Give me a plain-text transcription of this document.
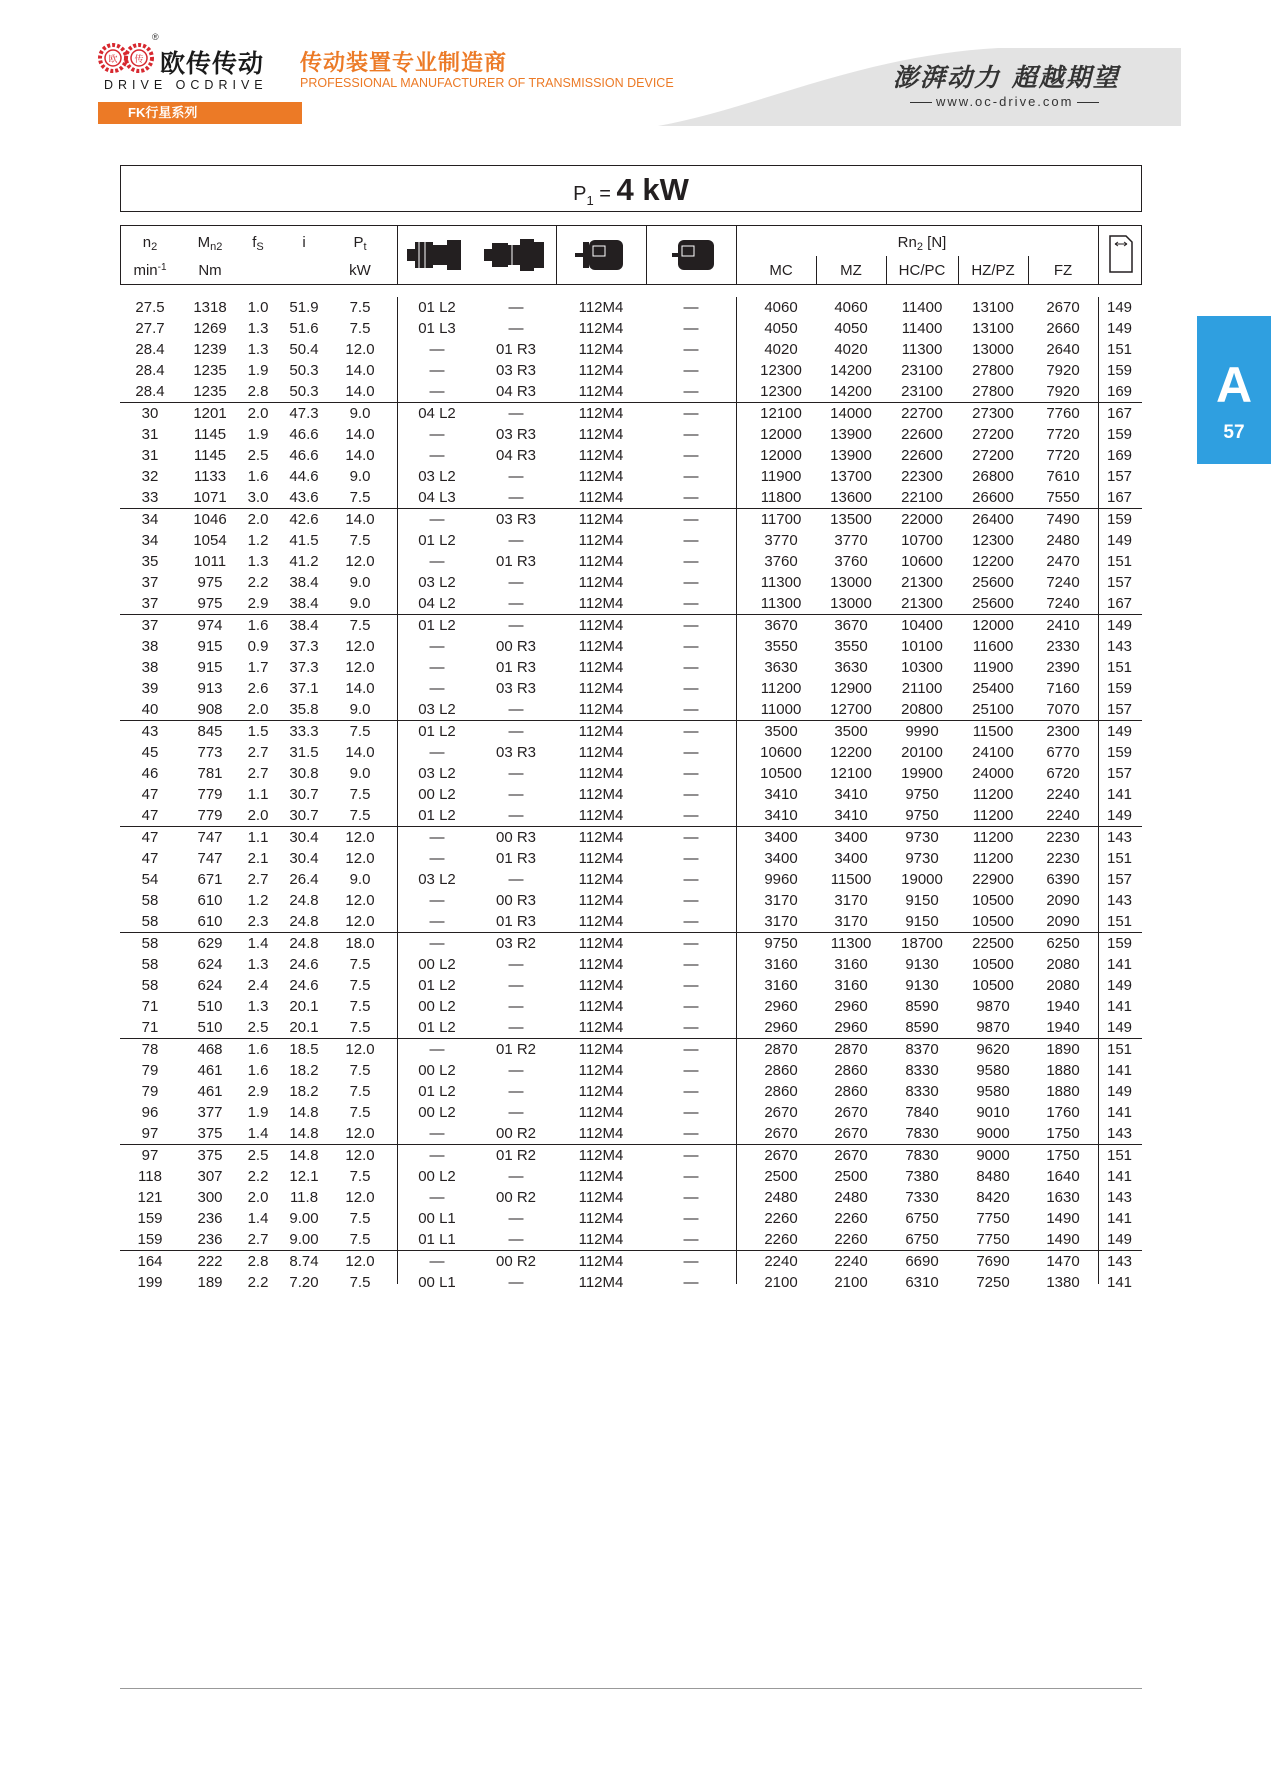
欧 传
®
欧传传动
DRIVE OCDRIVE
传动装置专业制造商
PROFESSIONAL MANUFACTURER OF TRANSMISSION DEVICE	澎湃动力 超越期望
www.oc-drive.com
FK行星系列
A
57
$P_1 = 4$ kW
$n_2$
$\min^{-1}$
$M_{n2}$
Nm
$f_S$	i	$P_t$
kW
$Rn_2$ [N]
MC	MZ	HC/PC	HZ/PZ	FZ
27.5	1318	1.0	51.9	7.5	01 L2	—	112M4	—	4060	4060	11400	13100	2670	149
27.7	1269	1.3	51.6	7.5	01 L3	—	112M4	—	4050	4050	11400	13100	2660	149
28.4	1239	1.3	50.4	12.0	—	01 R3	112M4	—	4020	4020	11300	13000	2640	151
28.4	1235	1.9	50.3	14.0	—	03 R3	112M4	—	12300	14200	23100	27800	7920	159
28.4	1235	2.8	50.3	14.0	—	04 R3	112M4	—	12300	14200	23100	27800	7920	169
30	1201	2.0	47.3	9.0	04 L2	—	112M4	—	12100	14000	22700	27300	7760	167
31	1145	1.9	46.6	14.0	—	03 R3	112M4	—	12000	13900	22600	27200	7720	159
31	1145	2.5	46.6	14.0	—	04 R3	112M4	—	12000	13900	22600	27200	7720	169
32	1133	1.6	44.6	9.0	03 L2	—	112M4	—	11900	13700	22300	26800	7610	157
33	1071	3.0	43.6	7.5	04 L3	—	112M4	—	11800	13600	22100	26600	7550	167
34	1046	2.0	42.6	14.0	—	03 R3	112M4	—	11700	13500	22000	26400	7490	159
34	1054	1.2	41.5	7.5	01 L2	—	112M4	—	3770	3770	10700	12300	2480	149
35	1011	1.3	41.2	12.0	—	01 R3	112M4	—	3760	3760	10600	12200	2470	151
37	975	2.2	38.4	9.0	03 L2	—	112M4	—	11300	13000	21300	25600	7240	157
37	975	2.9	38.4	9.0	04 L2	—	112M4	—	11300	13000	21300	25600	7240	167
37	974	1.6	38.4	7.5	01 L2	—	112M4	—	3670	3670	10400	12000	2410	149
38	915	0.9	37.3	12.0	—	00 R3	112M4	—	3550	3550	10100	11600	2330	143
38	915	1.7	37.3	12.0	—	01 R3	112M4	—	3630	3630	10300	11900	2390	151
39	913	2.6	37.1	14.0	—	03 R3	112M4	—	11200	12900	21100	25400	7160	159
40	908	2.0	35.8	9.0	03 L2	—	112M4	—	11000	12700	20800	25100	7070	157
43	845	1.5	33.3	7.5	01 L2	—	112M4	—	3500	3500	9990	11500	2300	149
45	773	2.7	31.5	14.0	—	03 R3	112M4	—	10600	12200	20100	24100	6770	159
46	781	2.7	30.8	9.0	03 L2	—	112M4	—	10500	12100	19900	24000	6720	157
47	779	1.1	30.7	7.5	00 L2	—	112M4	—	3410	3410	9750	11200	2240	141
47	779	2.0	30.7	7.5	01 L2	—	112M4	—	3410	3410	9750	11200	2240	149
47	747	1.1	30.4	12.0	—	00 R3	112M4	—	3400	3400	9730	11200	2230	143
47	747	2.1	30.4	12.0	—	01 R3	112M4	—	3400	3400	9730	11200	2230	151
54	671	2.7	26.4	9.0	03 L2	—	112M4	—	9960	11500	19000	22900	6390	157
58	610	1.2	24.8	12.0	—	00 R3	112M4	—	3170	3170	9150	10500	2090	143
58	610	2.3	24.8	12.0	—	01 R3	112M4	—	3170	3170	9150	10500	2090	151
58	629	1.4	24.8	18.0	—	03 R2	112M4	—	9750	11300	18700	22500	6250	159
58	624	1.3	24.6	7.5	00 L2	—	112M4	—	3160	3160	9130	10500	2080	141
58	624	2.4	24.6	7.5	01 L2	—	112M4	—	3160	3160	9130	10500	2080	149
71	510	1.3	20.1	7.5	00 L2	—	112M4	—	2960	2960	8590	9870	1940	141
71	510	2.5	20.1	7.5	01 L2	—	112M4	—	2960	2960	8590	9870	1940	149
78	468	1.6	18.5	12.0	—	01 R2	112M4	—	2870	2870	8370	9620	1890	151
79	461	1.6	18.2	7.5	00 L2	—	112M4	—	2860	2860	8330	9580	1880	141
79	461	2.9	18.2	7.5	01 L2	—	112M4	—	2860	2860	8330	9580	1880	149
96	377	1.9	14.8	7.5	00 L2	—	112M4	—	2670	2670	7840	9010	1760	141
97	375	1.4	14.8	12.0	—	00 R2	112M4	—	2670	2670	7830	9000	1750	143
97	375	2.5	14.8	12.0	—	01 R2	112M4	—	2670	2670	7830	9000	1750	151
118	307	2.2	12.1	7.5	00 L2	—	112M4	—	2500	2500	7380	8480	1640	141
121	300	2.0	11.8	12.0	—	00 R2	112M4	—	2480	2480	7330	8420	1630	143
159	236	1.4	9.00	7.5	00 L1	—	112M4	—	2260	2260	6750	7750	1490	141
159	236	2.7	9.00	7.5	01 L1	—	112M4	—	2260	2260	6750	7750	1490	149
164	222	2.8	8.74	12.0	—	00 R2	112M4	—	2240	2240	6690	7690	1470	143
199	189	2.2	7.20	7.5	00 L1	—	112M4	—	2100	2100	6310	7250	1380	141
